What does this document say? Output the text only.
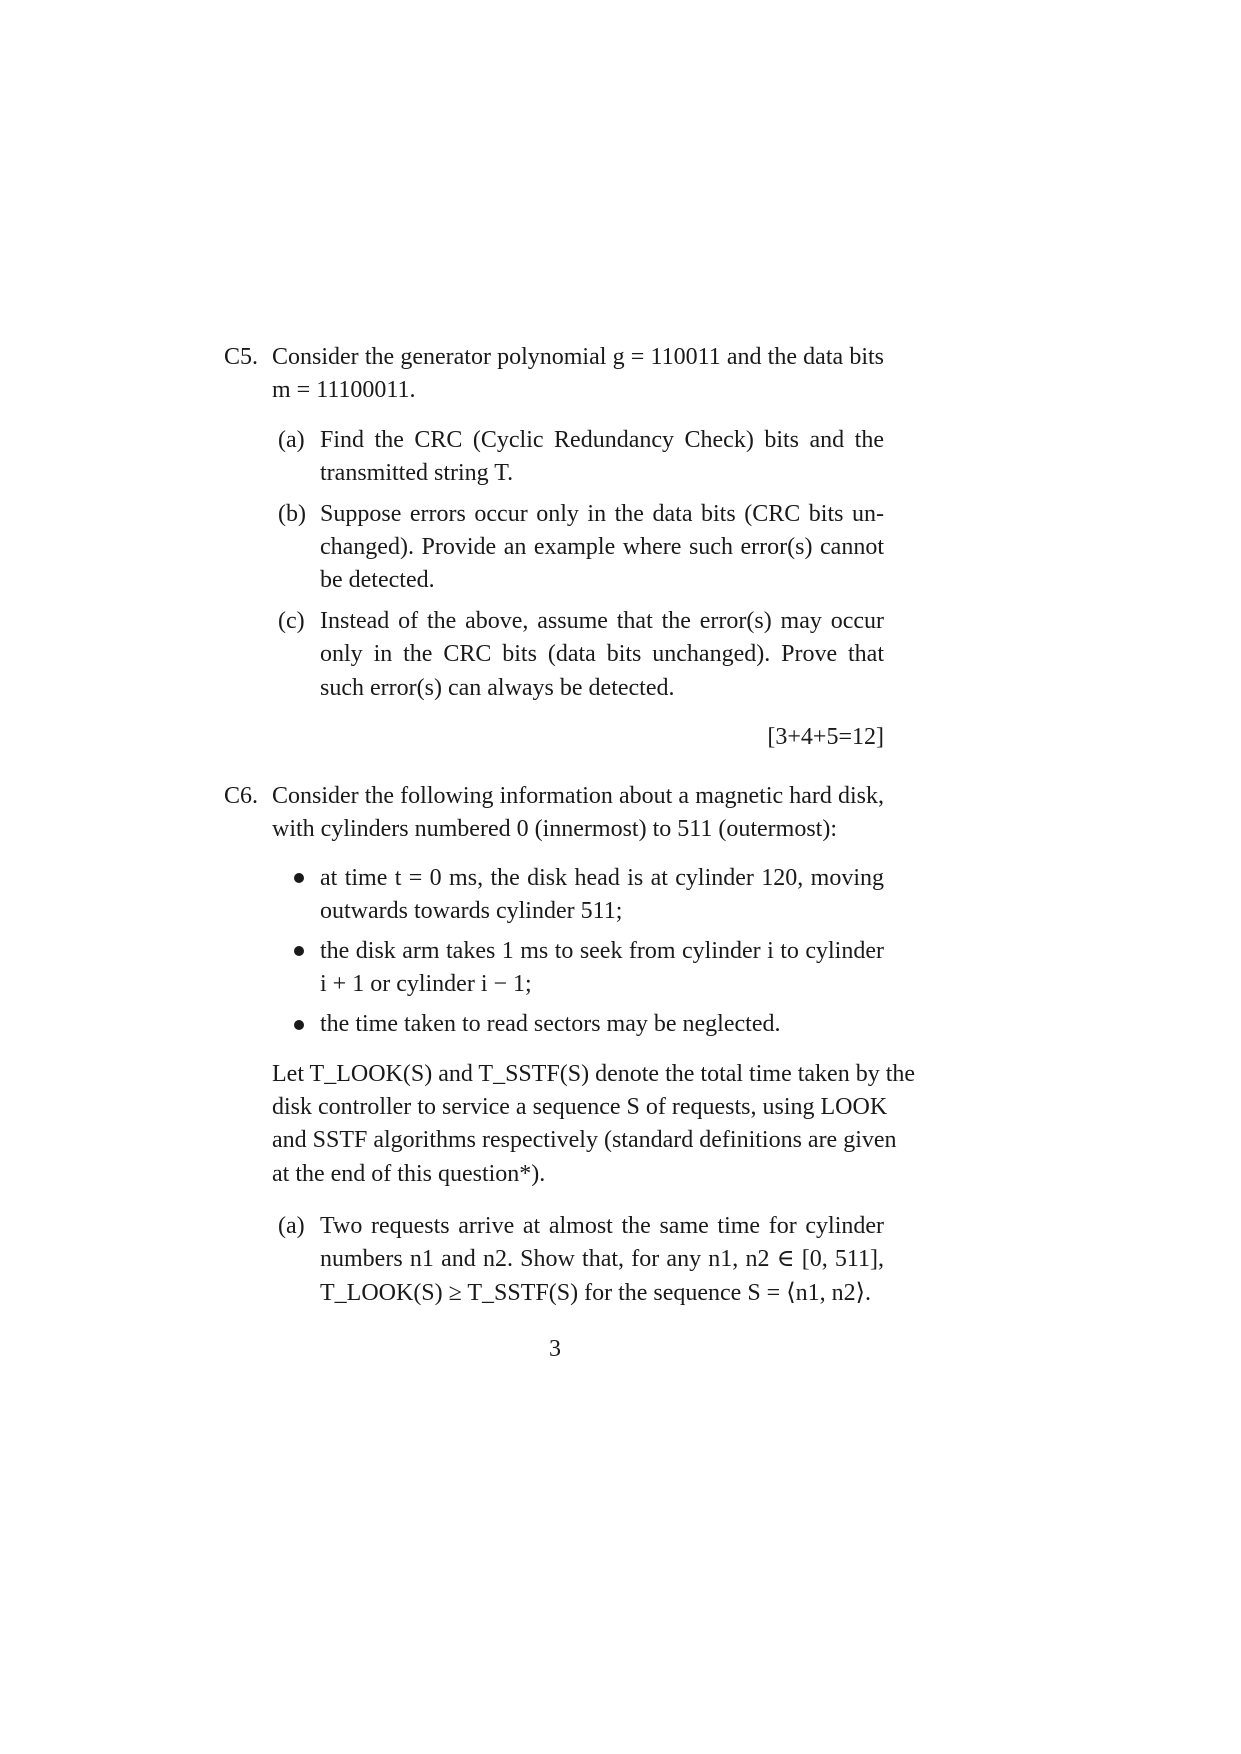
C5. Consider the generator polynomial g = 110011 and the data bits
m = 11100011.
(a) Find the CRC (Cyclic Redundancy Check) bits and the
transmitted string T.
(b) Suppose errors occur only in the data bits (CRC bits un-
changed). Provide an example where such error(s) cannot
be detected.
(c) Instead of the above, assume that the error(s) may occur
only in the CRC bits (data bits unchanged). Prove that
such error(s) can always be detected.
[3+4+5=12]
C6. Consider the following information about a magnetic hard disk,
with cylinders numbered 0 (innermost) to 511 (outermost):
at time t = 0 ms, the disk head is at cylinder 120, moving
outwards towards cylinder 511;
the disk arm takes 1 ms to seek from cylinder i to cylinder
i + 1 or cylinder i − 1;
the time taken to read sectors may be neglected.
Let T_LOOK(S) and T_SSTF(S) denote the total time taken by the
disk controller to service a sequence S of requests, using LOOK
and SSTF algorithms respectively (standard definitions are given
at the end of this question*).
(a) Two requests arrive at almost the same time for cylinder
numbers n1 and n2. Show that, for any n1, n2 ∈ [0, 511],
T_LOOK(S) ≥ T_SSTF(S) for the sequence S = ⟨n1, n2⟩.
3
